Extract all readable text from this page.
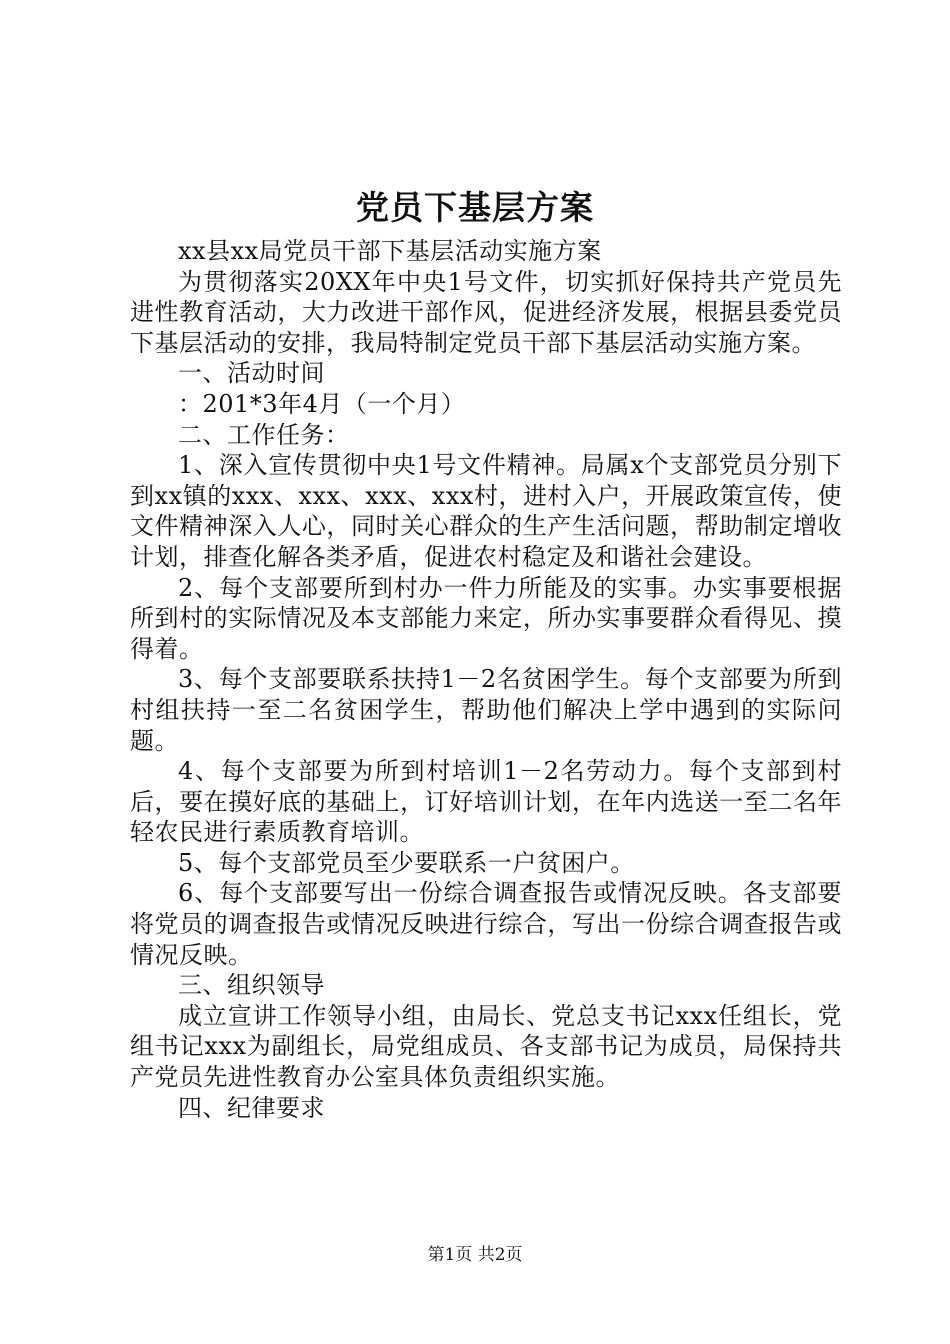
党员下基层方案

xx县xx局党员干部下基层活动实施方案

为贯彻落实20XX年中央1号文件，切实抓好保持共产党员先进性教育活动，大力改进干部作风，促进经济发展，根据县委党员下基层活动的安排，我局特制定党员干部下基层活动实施方案。

一、活动时间

：201*3年4月（一个月）

二、工作任务：

1、深入宣传贯彻中央1号文件精神。局属x个支部党员分别下到xx镇的xxx、xxx、xxx、xxx村，进村入户，开展政策宣传，使文件精神深入人心，同时关心群众的生产生活问题，帮助制定增收计划，排查化解各类矛盾，促进农村稳定及和谐社会建设。

2、每个支部要所到村办一件力所能及的实事。办实事要根据所到村的实际情况及本支部能力来定，所办实事要群众看得见、摸得着。

3、每个支部要联系扶持1－2名贫困学生。每个支部要为所到村组扶持一至二名贫困学生，帮助他们解决上学中遇到的实际问题。

4、每个支部要为所到村培训1－2名劳动力。每个支部到村后，要在摸好底的基础上，订好培训计划，在年内选送一至二名年轻农民进行素质教育培训。

5、每个支部党员至少要联系一户贫困户。

6、每个支部要写出一份综合调查报告或情况反映。各支部要将党员的调查报告或情况反映进行综合，写出一份综合调查报告或情况反映。

三、组织领导

成立宣讲工作领导小组，由局长、党总支书记xxx任组长，党组书记xxx为副组长，局党组成员、各支部书记为成员，局保持共产党员先进性教育办公室具体负责组织实施。

四、纪律要求

第1页 共2页
